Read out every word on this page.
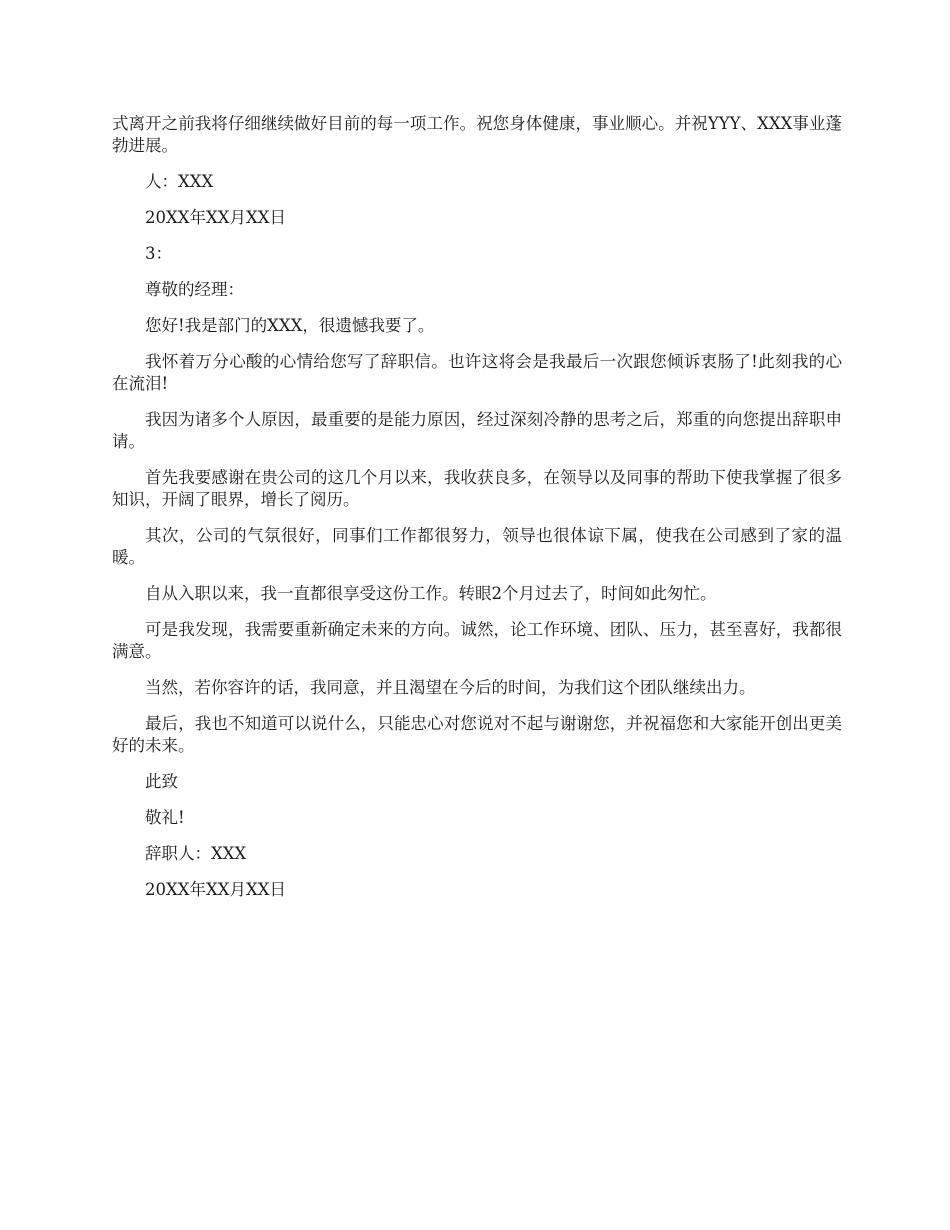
式离开之前我将仔细继续做好目前的每一项工作。祝您身体健康，事业顺心。并祝YYY、XXX事业蓬勃进展。

人：XXX

20XX年XX月XX日

3：

尊敬的经理：

您好!我是部门的XXX，很遗憾我要了。

我怀着万分心酸的心情给您写了辞职信。也许这将会是我最后一次跟您倾诉衷肠了!此刻我的心在流泪!

我因为诸多个人原因，最重要的是能力原因，经过深刻冷静的思考之后，郑重的向您提出辞职申请。

首先我要感谢在贵公司的这几个月以来，我收获良多，在领导以及同事的帮助下使我掌握了很多知识，开阔了眼界，增长了阅历。

其次，公司的气氛很好，同事们工作都很努力，领导也很体谅下属，使我在公司感到了家的温暖。

自从入职以来，我一直都很享受这份工作。转眼2个月过去了，时间如此匆忙。

可是我发现，我需要重新确定未来的方向。诚然，论工作环境、团队、压力，甚至喜好，我都很满意。

当然，若你容许的话，我同意，并且渴望在今后的时间，为我们这个团队继续出力。

最后，我也不知道可以说什么，只能忠心对您说对不起与谢谢您，并祝福您和大家能开创出更美好的未来。

此致

敬礼!

辞职人：XXX

20XX年XX月XX日
